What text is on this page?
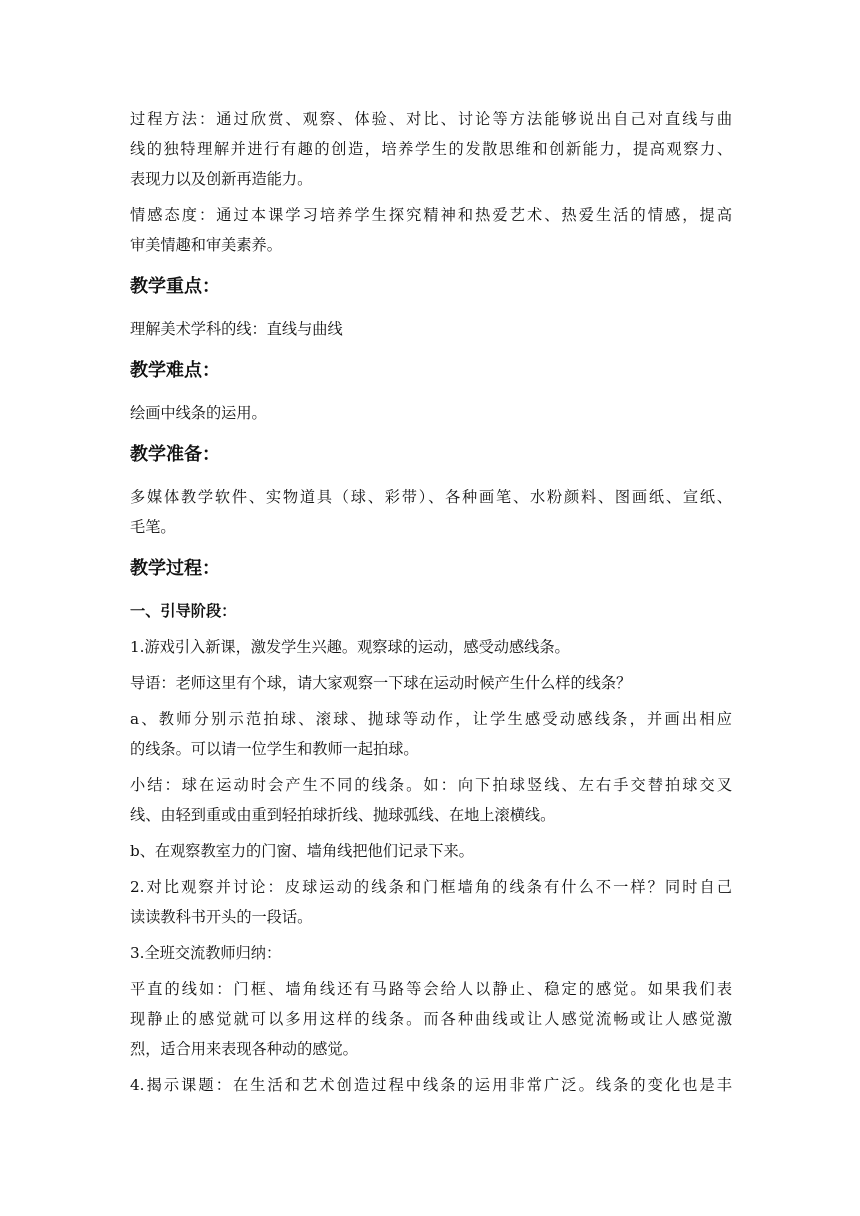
过程方法：通过欣赏、观察、体验、对比、讨论等方法能够说出自己对直线与曲
线的独特理解并进行有趣的创造，培养学生的发散思维和创新能力，提高观察力、
表现力以及创新再造能力。

情感态度：通过本课学习培养学生探究精神和热爱艺术、热爱生活的情感，提高
审美情趣和审美素养。

教学重点：

理解美术学科的线：直线与曲线

教学难点：

绘画中线条的运用。

教学准备：

多媒体教学软件、实物道具（球、彩带）、各种画笔、水粉颜料、图画纸、宣纸、
毛笔。

教学过程：
一、引导阶段：

1.游戏引入新课，激发学生兴趣。观察球的运动，感受动感线条。

导语：老师这里有个球，请大家观察一下球在运动时候产生什么样的线条？

a、教师分别示范拍球、滚球、抛球等动作，让学生感受动感线条，并画出相应
的线条。可以请一位学生和教师一起拍球。

小结：球在运动时会产生不同的线条。如：向下拍球竖线、左右手交替拍球交叉
线、由轻到重或由重到轻拍球折线、抛球弧线、在地上滚横线。

b、在观察教室力的门窗、墙角线把他们记录下来。

2.对比观察并讨论：皮球运动的线条和门框墙角的线条有什么不一样？同时自己
读读教科书开头的一段话。

3.全班交流教师归纳：

平直的线如：门框、墙角线还有马路等会给人以静止、稳定的感觉。如果我们表
现静止的感觉就可以多用这样的线条。而各种曲线或让人感觉流畅或让人感觉激
烈，适合用来表现各种动的感觉。

4.揭示课题：在生活和艺术创造过程中线条的运用非常广泛。线条的变化也是丰
